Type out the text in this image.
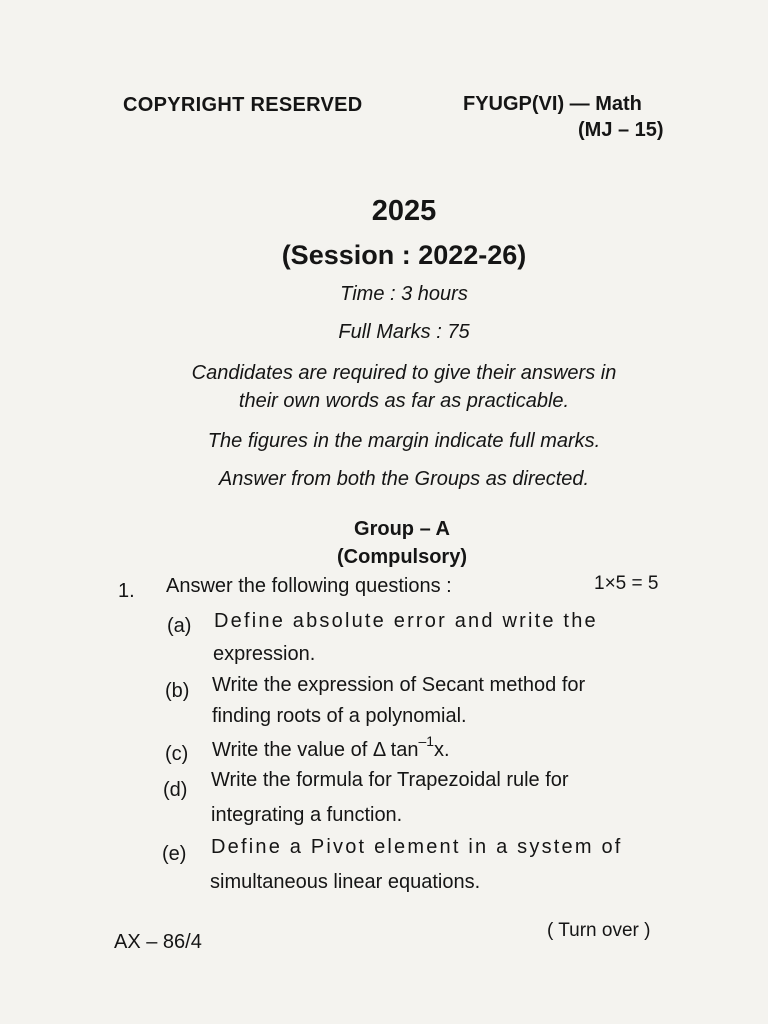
COPYRIGHT RESERVED	FYUGP(VI) — Math
(MJ – 15)
2025
(Session : 2022-26)
Time : 3 hours
Full Marks : 75
Candidates are required to give their answers in
their own words as far as practicable.
The figures in the margin indicate full marks.
Answer from both the Groups as directed.
Group – A
(Compulsory)
1. Answer the following questions :	1×5 = 5
(a) Define absolute error and write the
expression.
(b) Write the expression of Secant method for
finding roots of a polynomial.
(c) Write the value of Δ $\tan^{-1}x$.
(d) Write the formula for Trapezoidal rule for
integrating a function.
(e) Define a Pivot element in a system of
simultaneous linear equations.
AX – 86/4
( Turn over )
